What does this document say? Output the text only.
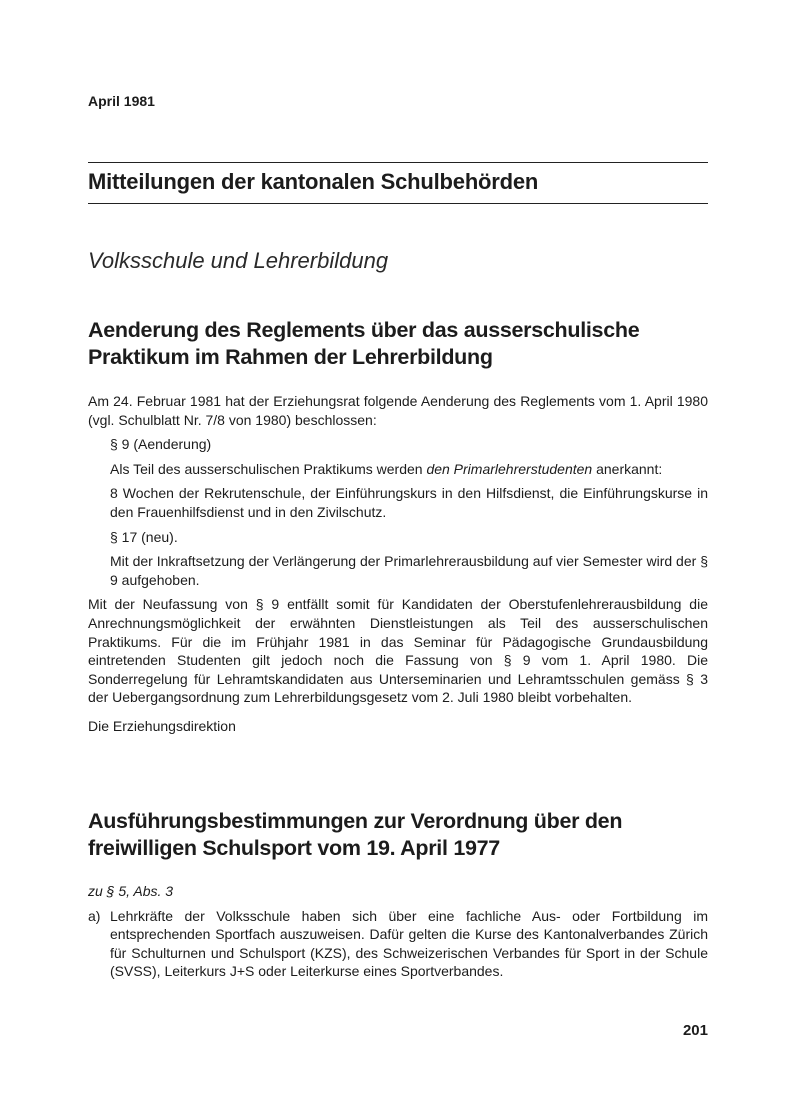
April 1981
Mitteilungen der kantonalen Schulbehörden
Volksschule und Lehrerbildung
Aenderung des Reglements über das ausserschulische
Praktikum im Rahmen der Lehrerbildung

Am 24. Februar 1981 hat der Erziehungsrat folgende Aenderung des Reglements vom 1. April 1980 (vgl. Schulblatt Nr. 7/8 von 1980) beschlossen:

§ 9 (Aenderung)

Als Teil des ausserschulischen Praktikums werden den Primarlehrerstudenten anerkannt:

8 Wochen der Rekrutenschule, der Einführungskurs in den Hilfsdienst, die Einführungskurse in den Frauenhilfsdienst und in den Zivilschutz.

§ 17 (neu).

Mit der Inkraftsetzung der Verlängerung der Primarlehrerausbildung auf vier Semester wird der § 9 aufgehoben.

Mit der Neufassung von § 9 entfällt somit für Kandidaten der Oberstufenlehrerausbildung die Anrechnungsmöglichkeit der erwähnten Dienstleistungen als Teil des ausserschulischen Praktikums. Für die im Frühjahr 1981 in das Seminar für Pädagogische Grundausbildung eintretenden Studenten gilt jedoch noch die Fassung von § 9 vom 1. April 1980. Die Sonderregelung für Lehramtskandidaten aus Unterseminarien und Lehramtsschulen gemäss § 3 der Uebergangsordnung zum Lehrerbildungsgesetz vom 2. Juli 1980 bleibt vorbehalten.

Die Erziehungsdirektion

Ausführungsbestimmungen zur Verordnung über den
freiwilligen Schulsport vom 19. April 1977

zu § 5, Abs. 3

a) Lehrkräfte der Volksschule haben sich über eine fachliche Aus- oder Fortbildung im entsprechenden Sportfach auszuweisen. Dafür gelten die Kurse des Kantonalverbandes Zürich für Schulturnen und Schulsport (KZS), des Schweizerischen Verbandes für Sport in der Schule (SVSS), Leiterkurs J+S oder Leiterkurse eines Sportverbandes.
201
